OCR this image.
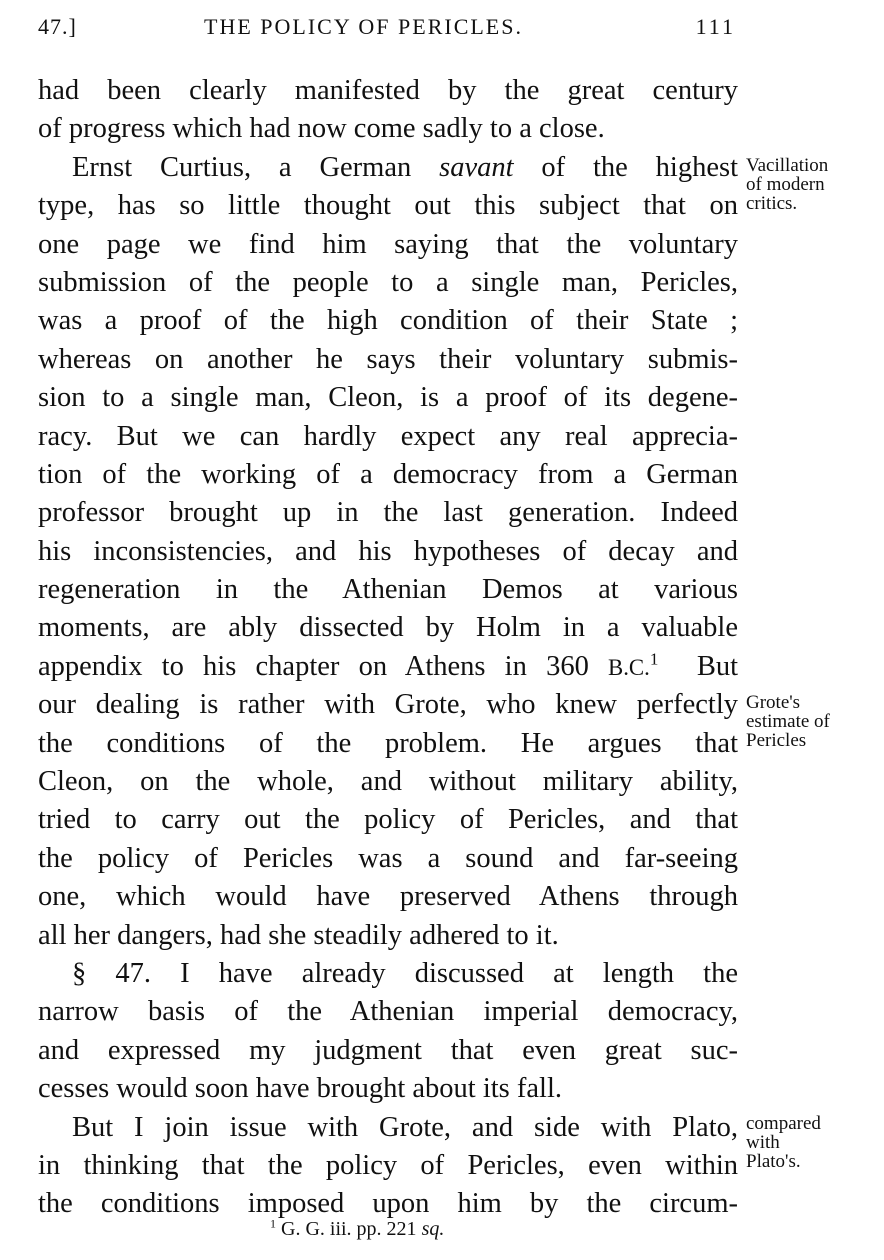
47.]	THE POLICY OF PERICLES.	111
had been clearly manifested by the great century
of progress which had now come sadly to a close.
Ernst Curtius, a German savant of the highest
type, has so little thought out this subject that on
one page we find him saying that the voluntary
submission of the people to a single man, Pericles,
was a proof of the high condition of their State ;
whereas on another he says their voluntary submis-
sion to a single man, Cleon, is a proof of its degene-
racy. But we can hardly expect any real apprecia-
tion of the working of a democracy from a German
professor brought up in the last generation. Indeed
his inconsistencies, and his hypotheses of decay and
regeneration in the Athenian Demos at various
moments, are ably dissected by Holm in a valuable
appendix to his chapter on Athens in 360 B.C.$^1$  But
our dealing is rather with Grote, who knew perfectly
the conditions of the problem. He argues that
Cleon, on the whole, and without military ability,
tried to carry out the policy of Pericles, and that
the policy of Pericles was a sound and far-seeing
one, which would have preserved Athens through
all her dangers, had she steadily adhered to it.
§ 47. I have already discussed at length the
narrow basis of the Athenian imperial democracy,
and expressed my judgment that even great suc-
cesses would soon have brought about its fall.
But I join issue with Grote, and side with Plato,
in thinking that the policy of Pericles, even within
the conditions imposed upon him by the circum-
Vacillation
of modern
critics.
Grote's
estimate of
Pericles
compared
with
Plato's.
$^1$ G. G. iii. pp. 221 sq.
